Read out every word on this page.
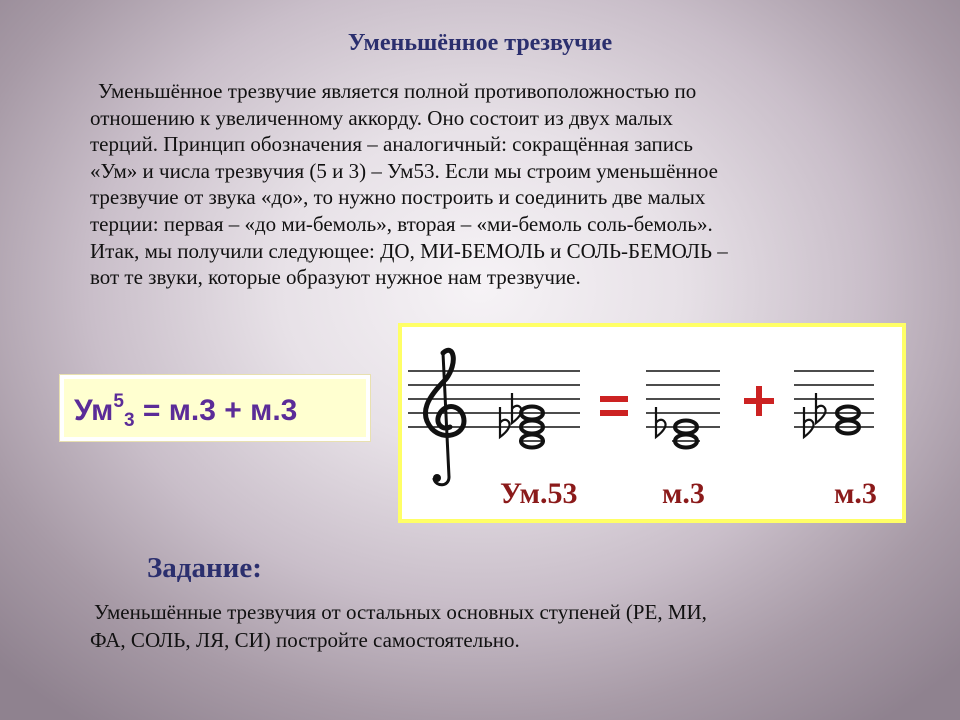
Уменьшённое трезвучие
Уменьшённое трезвучие является полной противоположностью по
отношению к увеличенному аккорду. Оно состоит из двух малых
терций. Принцип обозначения – аналогичный: сокращённая запись
«Ум» и числа трезвучия (5 и 3) – Ум53. Если мы строим уменьшённое
трезвучие от звука «до», то нужно построить и соединить две малых
терции: первая – «до ми-бемоль», вторая – «ми-бемоль соль-бемоль».
Итак, мы получили следующее: ДО, МИ-БЕМОЛЬ и СОЛЬ-БЕМОЛЬ –
вот те звуки, которые образуют нужное нам трезвучие.
$Ум^5_3 = м.3 + м.3$
Ум.53	м.3	м.3
Задание:
Уменьшённые трезвучия от остальных основных ступеней (РЕ, МИ,
ФА, СОЛЬ, ЛЯ, СИ) постройте самостоятельно.
